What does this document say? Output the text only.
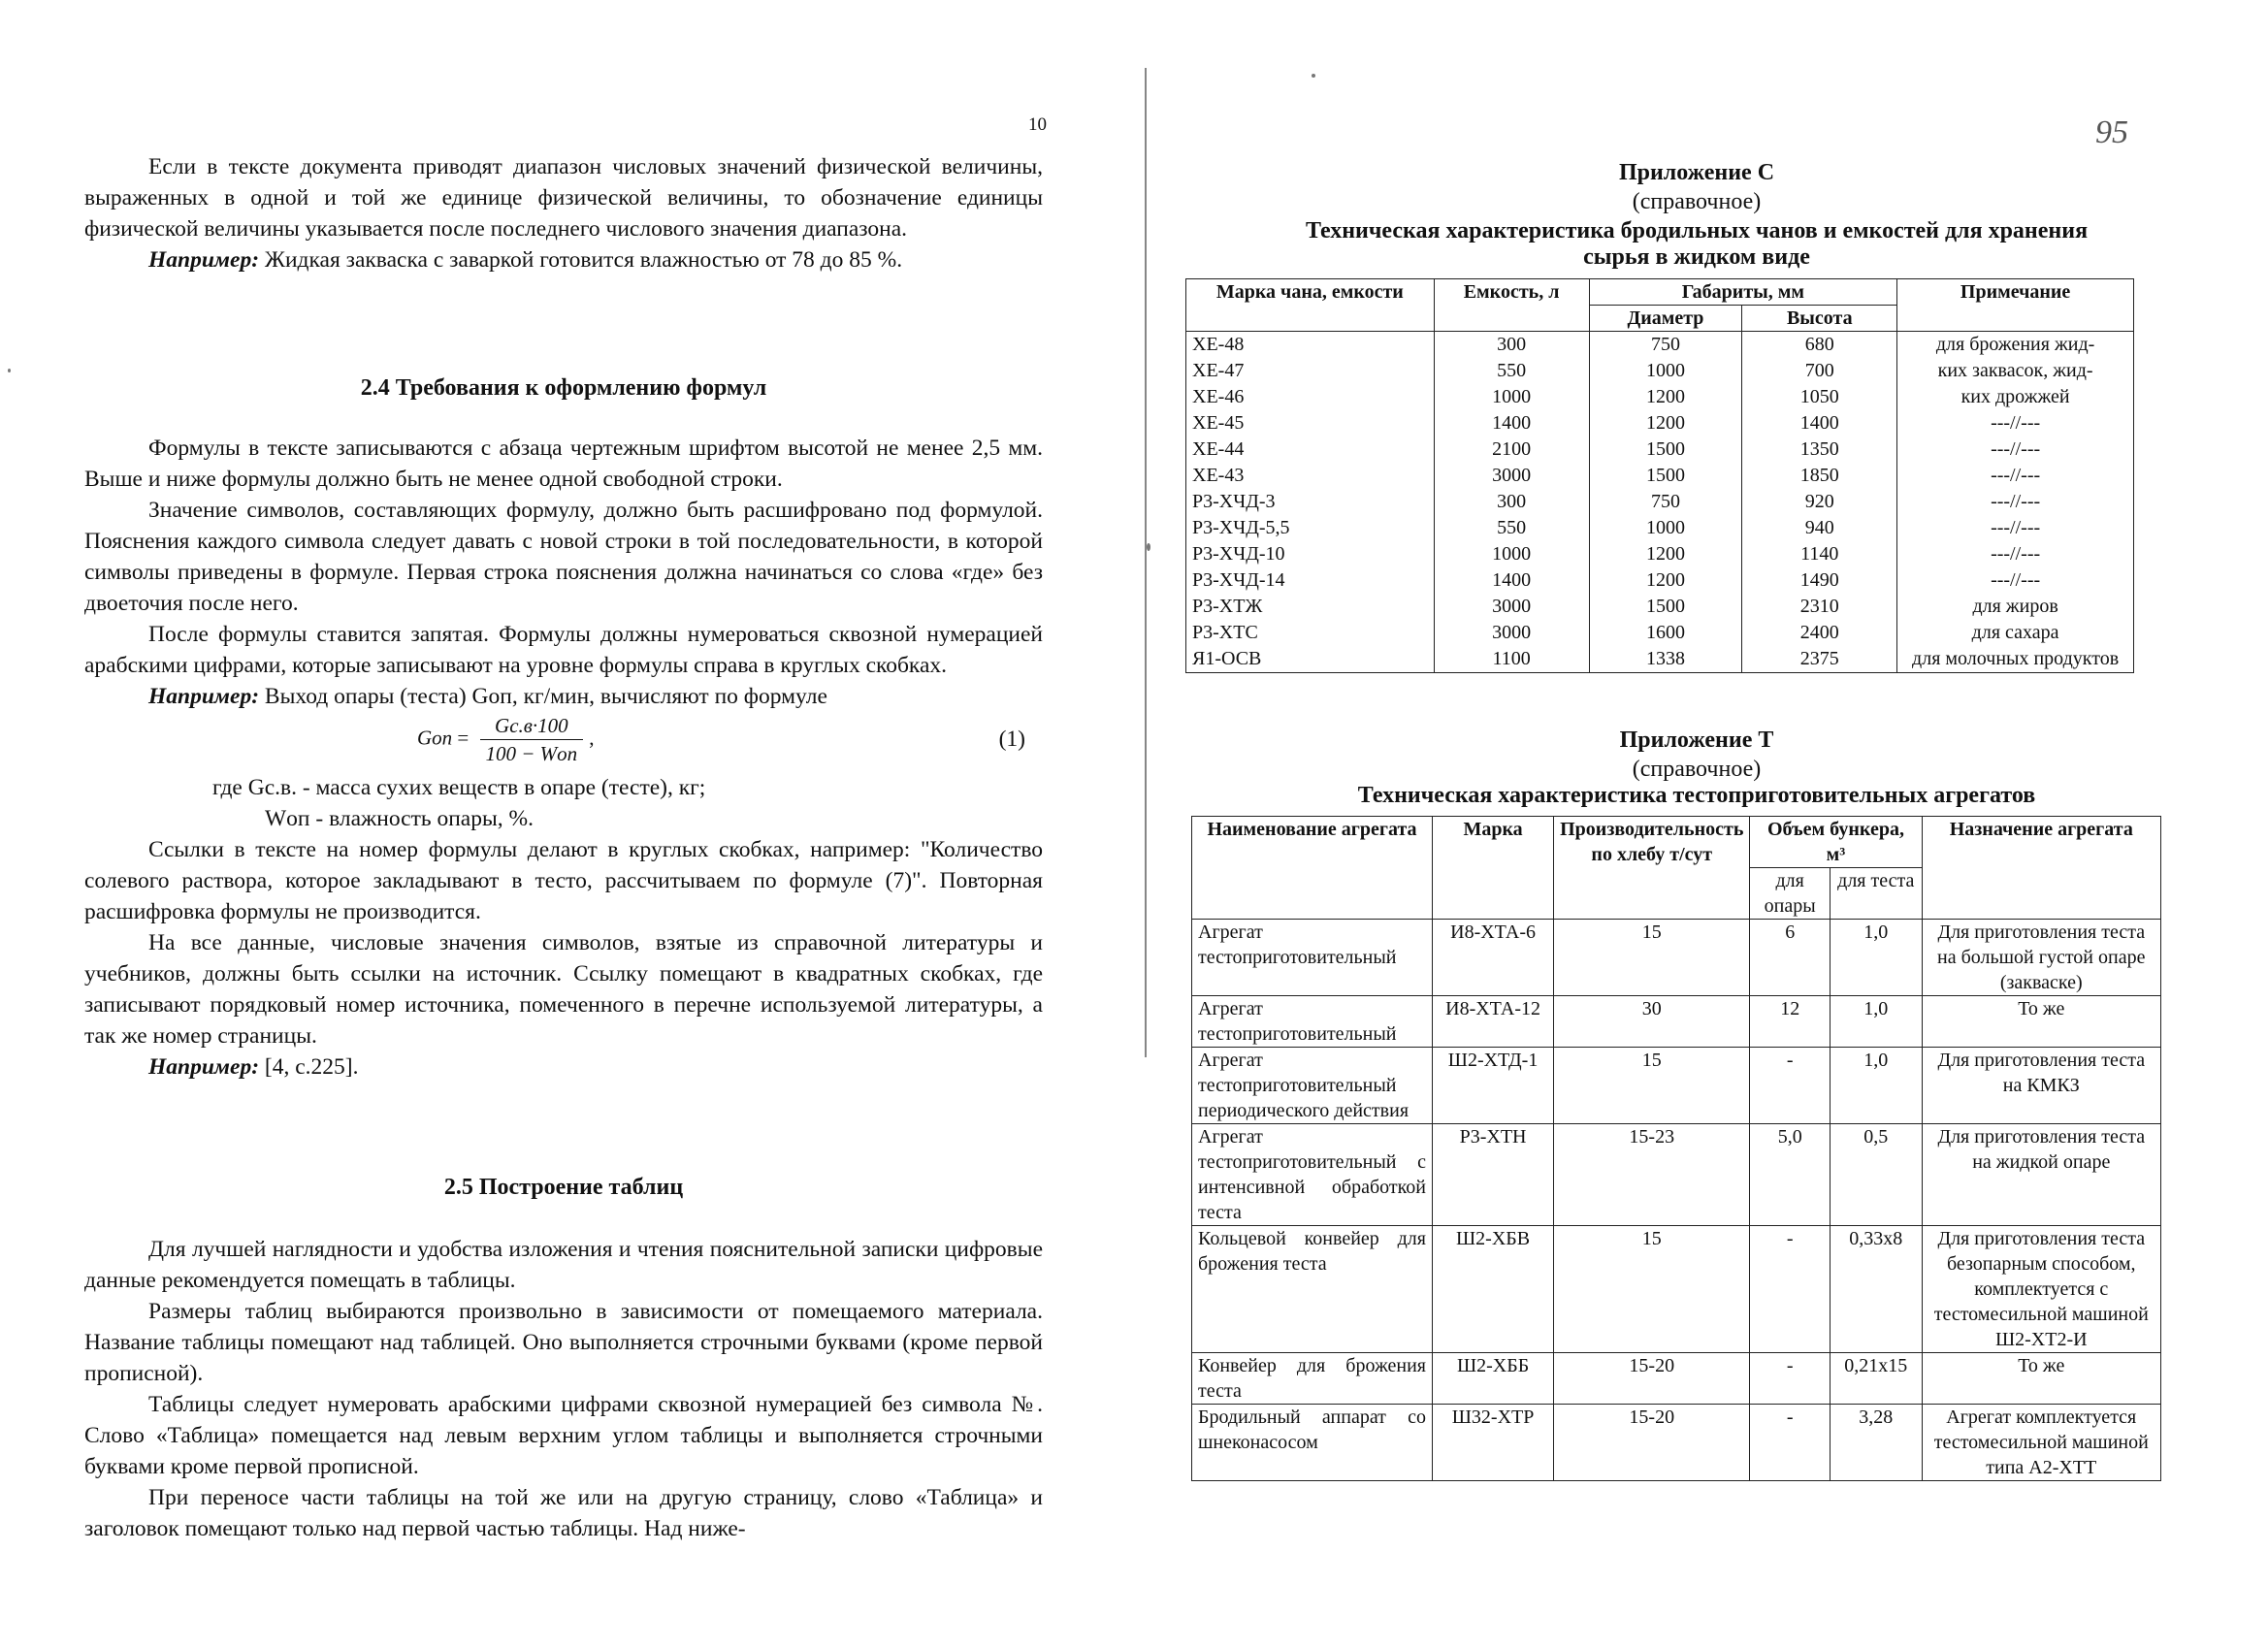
10

Если в тексте документа приводят диапазон числовых значений физической величины, выраженных в одной и той же единице физической величины, то обозначение единицы физической величины указывается после последнего числового значения диапазона.

Например: Жидкая закваска с заваркой готовится влажностью от 78 до 85 %.

2.4 Требования к оформлению формул

Формулы в тексте записываются с абзаца чертежным шрифтом высотой не менее 2,5 мм. Выше и ниже формулы должно быть не менее одной свободной строки.

Значение символов, составляющих формулу, должно быть расшифровано под формулой. Пояснения каждого символа следует давать с новой строки в той последовательности, в которой символы приведены в формуле. Первая строка пояснения должна начинаться со слова «где» без двоеточия после него.

После формулы ставится запятая. Формулы должны нумероваться сквозной нумерацией арабскими цифрами, которые записывают на уровне формулы справа в круглых скобках.

Например: Выход опары (теста) Gоп, кг/мин, вычисляют по формуле

Gоп = $\frac{Gс.в\cdot 100}{\text{100 − Wоп}}$ ,	(1)

где Gс.в. - масса сухих веществ в опаре (тесте), кг;

Wоп - влажность опары, %.

Ссылки в тексте на номер формулы делают в круглых скобках, например: "Количество солевого раствора, которое закладывают в тесто, рассчитываем по формуле (7)". Повторная расшифровка формулы не производится.

На все данные, числовые значения символов, взятые из справочной литературы и учебников, должны быть ссылки на источник. Ссылку помещают в квадратных скобках, где записывают порядковый номер источника, помеченного в перечне используемой литературы, а так же номер страницы.

Например: [4, с.225].

2.5 Построение таблиц

Для лучшей наглядности и удобства изложения и чтения пояснительной записки цифровые данные рекомендуется помещать в таблицы.

Размеры таблиц выбираются произвольно в зависимости от помещаемого материала. Название таблицы помещают над таблицей. Оно выполняется строчными буквами (кроме первой прописной).

Таблицы следует нумеровать арабскими цифрами сквозной нумерацией без символа №. Слово «Таблица» помещается над левым верхним углом таблицы и выполняется строчными буквами кроме первой прописной.

При переносе части таблицы на той же или на другую страницу, слово «Таблица» и заголовок помещают только над первой частью таблицы. Над ниже-

95
Приложение С
(справочное)
Техническая характеристика бродильных чанов и емкостей для хранения
сырья в жидком виде
Марка чана, емкости	Емкость, л	Габариты, мм		Примечание
		Диаметр	Высота	
ХЕ-48	300	750	680	для брожения жид-
ХЕ-47	550	1000	700	ких заквасок, жид-
ХЕ-46	1000	1200	1050	ких дрожжей
ХЕ-45	1400	1200	1400	---//---
ХЕ-44	2100	1500	1350	---//---
ХЕ-43	3000	1500	1850	---//---
Р3-ХЧД-3	300	750	920	---//---
Р3-ХЧД-5,5	550	1000	940	---//---
Р3-ХЧД-10	1000	1200	1140	---//---
Р3-ХЧД-14	1400	1200	1490	---//---
Р3-ХТЖ	3000	1500	2310	для жиров
Р3-ХТС	3000	1600	2400	для сахара
Я1-ОСВ	1100	1338	2375	для молочных продуктов
Приложение Т
(справочное)
Техническая характеристика тестоприготовительных агрегатов
Наименование агрегата	Марка	Производительность по хлебу т/сут	Объем бункера, м³		Назначение агрегата
			для опары	для теста	
Агрегат тестоприготовительный	И8-ХТА-6	15	6	1,0	Для приготовления теста на большой густой опаре (закваске)
Агрегат тестоприготовительный	И8-ХТА-12	30	12	1,0	То же
Агрегат тестоприготовительный периодического действия	Ш2-ХТД-1	15	-	1,0	Для приготовления теста на КМКЗ
Агрегат тестоприготовительный с интенсивной обработкой теста	Р3-ХТН	15-23	5,0	0,5	Для приготовления теста на жидкой опаре
Кольцевой конвейер для брожения теста	Ш2-ХБВ	15	-	0,33х8	Для приготовления теста безопарным способом, комплектуется с тестомесильной машиной Ш2-ХТ2-И
Конвейер для брожения теста	Ш2-ХББ	15-20	-	0,21х15	То же
Бродильный аппарат со шнеконасосом	Ш32-ХТР	15-20	-	3,28	Агрегат комплектуется тестомесильной машиной типа А2-ХТТ
